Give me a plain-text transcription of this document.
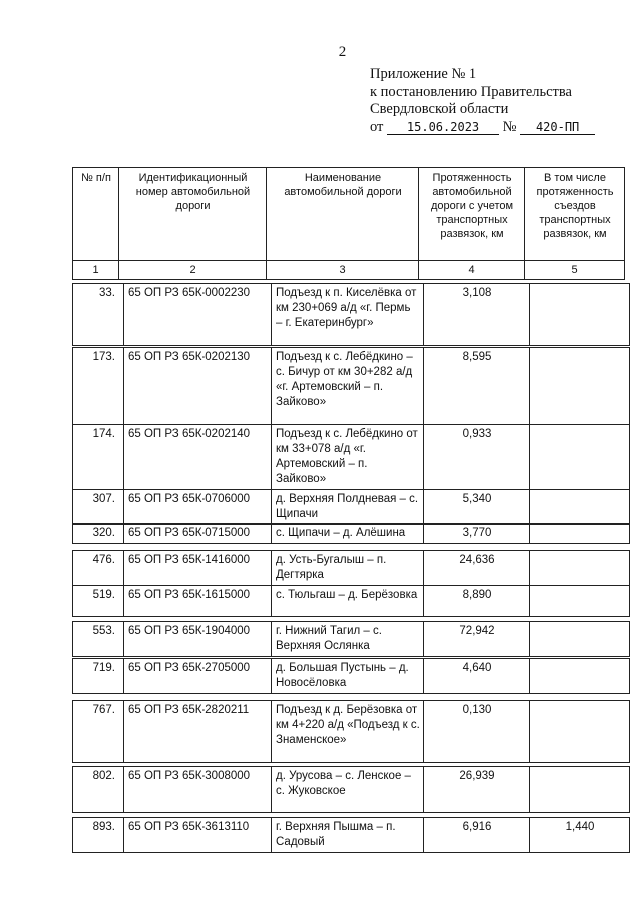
2
Приложение № 1
к постановлению Правительства
Свердловской области
от 15.06.2023 № 420-ПП
№ п/п	Идентификационный номер автомобильной дороги	Наименование автомобильной дороги	Протяженность автомобильной дороги с учетом транспортных развязок, км	В том числе протяженность съездов транспортных развязок, км
1	2	3	4	5
33.	65 ОП РЗ 65К-0002230	Подъезд к п. Киселёвка от км 230+069 а/д «г. Пермь – г. Екатеринбург»	3,108	
173.	65 ОП РЗ 65К-0202130	Подъезд к с. Лебёдкино – с. Бичур от км 30+282 а/д «г. Артемовский – п. Зайково»	8,595	
174.	65 ОП РЗ 65К-0202140	Подъезд к с. Лебёдкино от км 33+078 а/д «г. Артемовский – п. Зайково»	0,933	
307.	65 ОП РЗ 65К-0706000	д. Верхняя Полдневая – с. Щипачи	5,340	
320.	65 ОП РЗ 65К-0715000	с. Щипачи – д. Алёшина	3,770	
476.	65 ОП РЗ 65К-1416000	д. Усть-Бугалыш – п. Дегтярка	24,636	
519.	65 ОП РЗ 65К-1615000	с. Тюльгаш – д. Берёзовка	8,890	
553.	65 ОП РЗ 65К-1904000	г. Нижний Тагил – с. Верхняя Ослянка	72,942	
719.	65 ОП РЗ 65К-2705000	д. Большая Пустынь – д. Новосёловка	4,640	
767.	65 ОП РЗ 65К-2820211	Подъезд к д. Берёзовка от км 4+220 а/д «Подъезд к с. Знаменское»	0,130	
802.	65 ОП РЗ 65К-3008000	д. Урусова – с. Ленское – с. Жуковское	26,939	
893.	65 ОП РЗ 65К-3613110	г. Верхняя Пышма – п. Садовый	6,916	1,440
